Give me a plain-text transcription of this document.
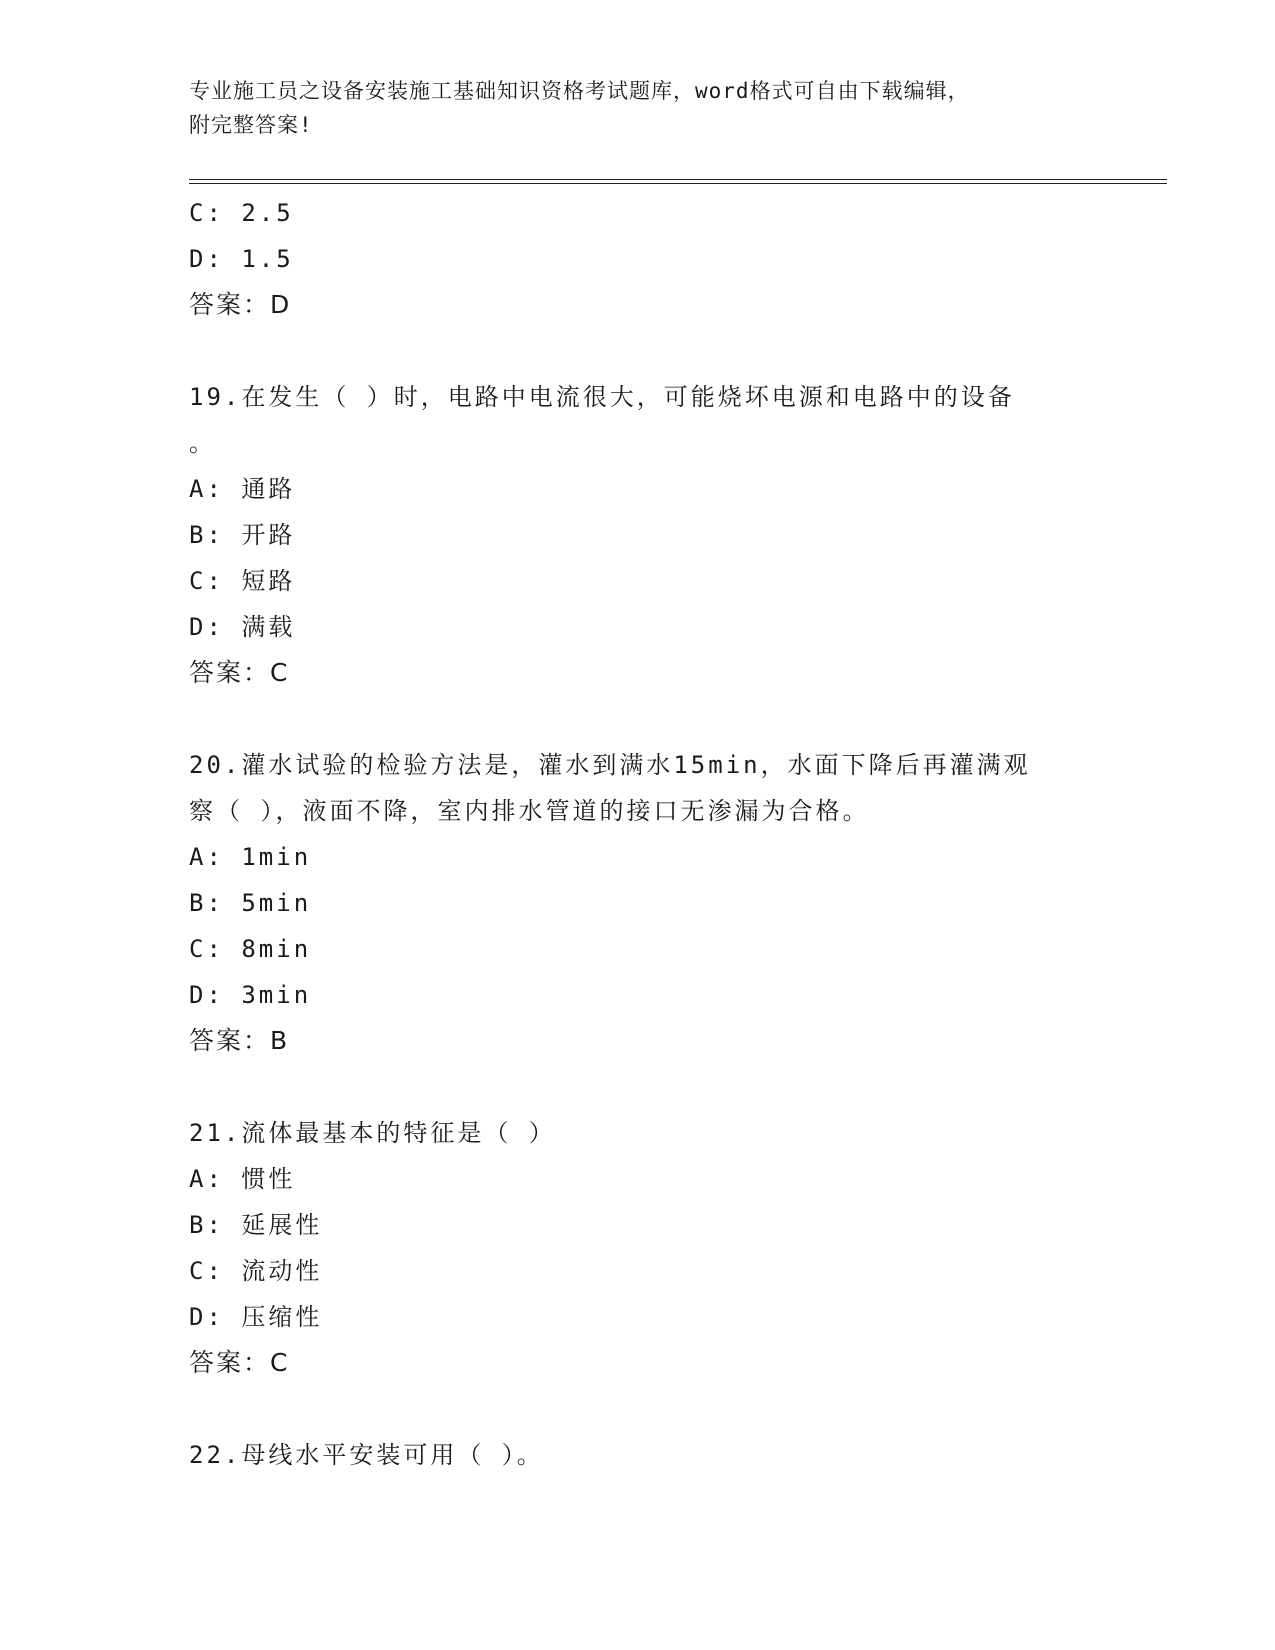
专业施工员之设备安装施工基础知识资格考试题库，word格式可自由下载编辑，
附完整答案!
C: 2.5
D: 1.5
答案：D
19.在发生（ ）时，电路中电流很大，可能烧坏电源和电路中的设备
。
A: 通路
B: 开路
C: 短路
D: 满载
答案：C
20.灌水试验的检验方法是，灌水到满水15min，水面下降后再灌满观
察（ ），液面不降，室内排水管道的接口无渗漏为合格。
A: 1min
B: 5min
C: 8min
D: 3min
答案：B
21.流体最基本的特征是（ ）
A: 惯性
B: 延展性
C: 流动性
D: 压缩性
答案：C
22.母线水平安装可用（ ）。
